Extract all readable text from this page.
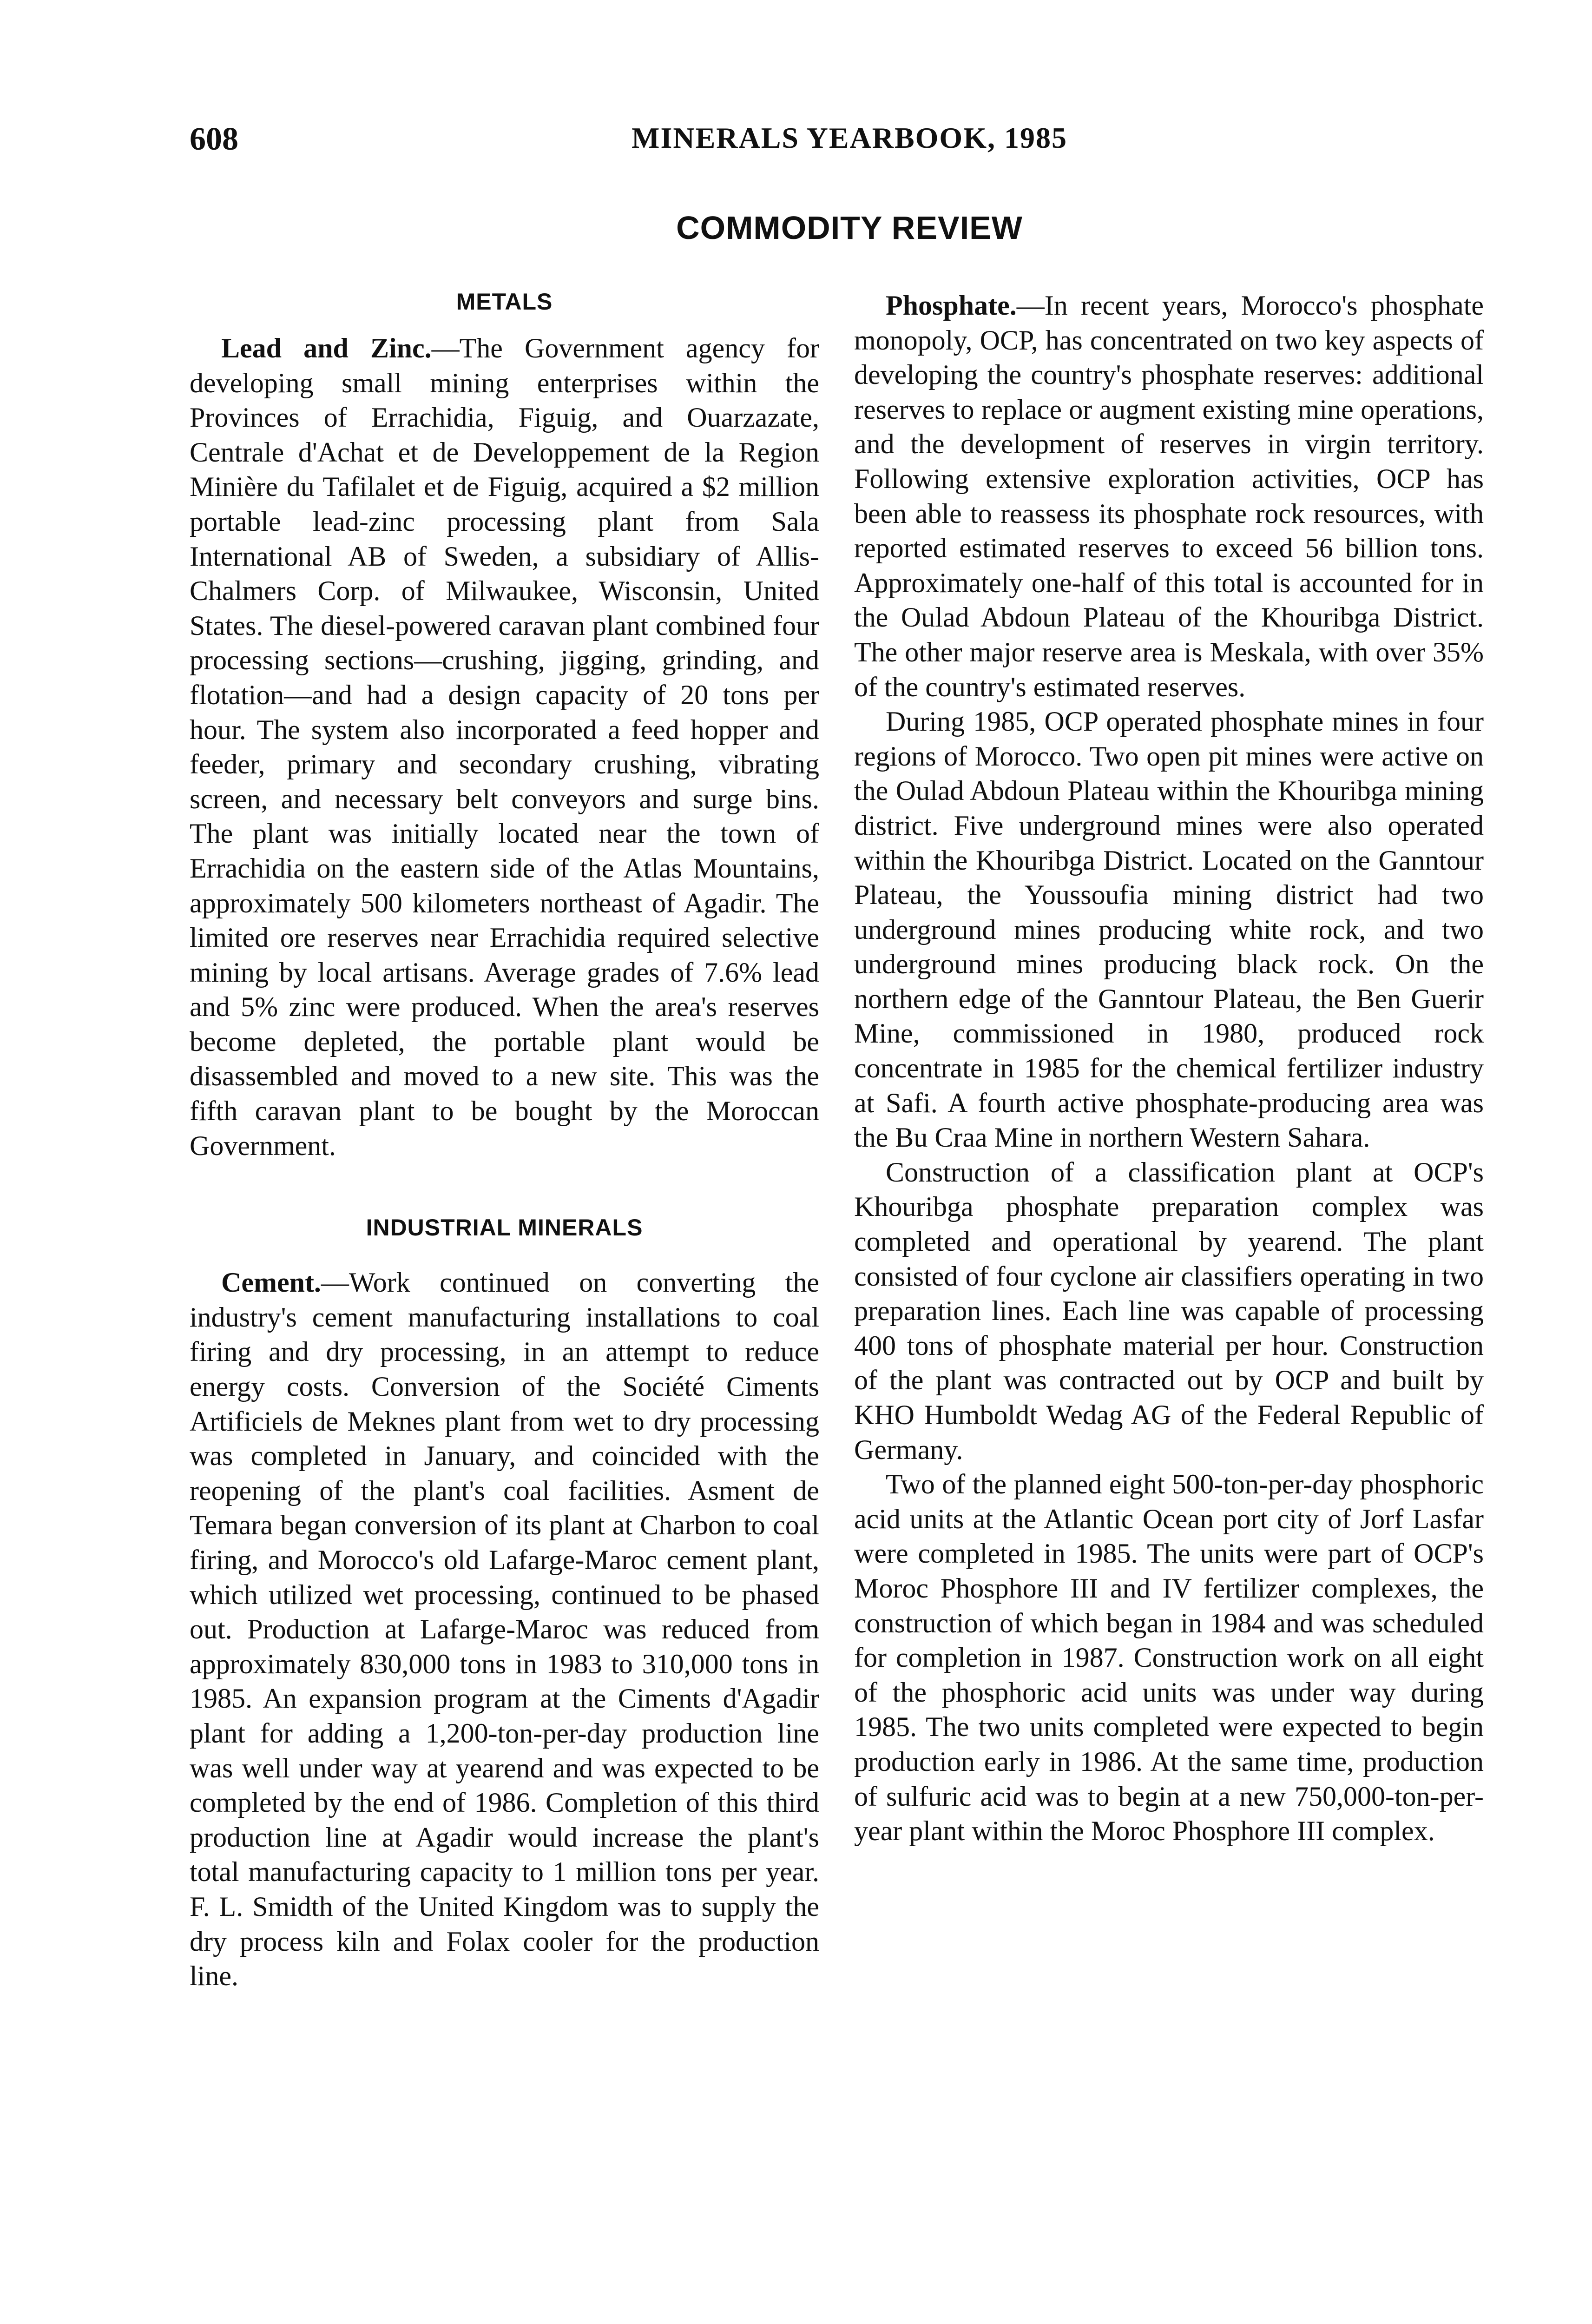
608	MINERALS YEARBOOK, 1985
COMMODITY REVIEW
METALS

Lead and Zinc.—The Government agency for developing small mining enterprises within the Provinces of Errachidia, Figuig, and Ouarzazate, Centrale d'Achat et de Developpement de la Region Minière du Tafilalet et de Figuig, acquired a $2 million portable lead-zinc processing plant from Sala International AB of Sweden, a subsidiary of Allis-Chalmers Corp. of Milwaukee, Wisconsin, United States. The diesel-powered caravan plant combined four processing sections—crushing, jigging, grinding, and flotation—and had a design capacity of 20 tons per hour. The system also incorporated a feed hopper and feeder, primary and secondary crushing, vibrating screen, and necessary belt conveyors and surge bins. The plant was initially located near the town of Errachidia on the eastern side of the Atlas Mountains, approximately 500 kilometers northeast of Agadir. The limited ore reserves near Errachidia required selective mining by local artisans. Average grades of 7.6% lead and 5% zinc were produced. When the area's reserves become depleted, the portable plant would be disassembled and moved to a new site. This was the fifth caravan plant to be bought by the Moroccan Government.

INDUSTRIAL MINERALS

Cement.—Work continued on converting the industry's cement manufacturing installations to coal firing and dry processing, in an attempt to reduce energy costs. Conversion of the Société Ciments Artificiels de Meknes plant from wet to dry processing was completed in January, and coincided with the reopening of the plant's coal facilities. Asment de Temara began conversion of its plant at Charbon to coal firing, and Morocco's old Lafarge-Maroc cement plant, which utilized wet processing, continued to be phased out. Production at Lafarge-Maroc was reduced from approximately 830,000 tons in 1983 to 310,000 tons in 1985. An expansion program at the Ciments d'Agadir plant for adding a 1,200-ton-per-day production line was well under way at yearend and was expected to be completed by the end of 1986. Completion of this third production line at Agadir would increase the plant's total manufacturing capacity to 1 million tons per year. F. L. Smidth of the United Kingdom was to supply the dry process kiln and Folax cooler for the production line.

Phosphate.—In recent years, Morocco's phosphate monopoly, OCP, has concentrated on two key aspects of developing the country's phosphate reserves: additional reserves to replace or augment existing mine operations, and the development of reserves in virgin territory. Following extensive exploration activities, OCP has been able to reassess its phosphate rock resources, with reported estimated reserves to exceed 56 billion tons. Approximately one-half of this total is accounted for in the Oulad Abdoun Plateau of the Khouribga District. The other major reserve area is Meskala, with over 35% of the country's estimated reserves.

During 1985, OCP operated phosphate mines in four regions of Morocco. Two open pit mines were active on the Oulad Abdoun Plateau within the Khouribga mining district. Five underground mines were also operated within the Khouribga District. Located on the Ganntour Plateau, the Youssoufia mining district had two underground mines producing white rock, and two underground mines producing black rock. On the northern edge of the Ganntour Plateau, the Ben Guerir Mine, commissioned in 1980, produced rock concentrate in 1985 for the chemical fertilizer industry at Safi. A fourth active phosphate-producing area was the Bu Craa Mine in northern Western Sahara.

Construction of a classification plant at OCP's Khouribga phosphate preparation complex was completed and operational by yearend. The plant consisted of four cyclone air classifiers operating in two preparation lines. Each line was capable of processing 400 tons of phosphate material per hour. Construction of the plant was contracted out by OCP and built by KHO Humboldt Wedag AG of the Federal Republic of Germany.

Two of the planned eight 500-ton-per-day phosphoric acid units at the Atlantic Ocean port city of Jorf Lasfar were completed in 1985. The units were part of OCP's Moroc Phosphore III and IV fertilizer complexes, the construction of which began in 1984 and was scheduled for completion in 1987. Construction work on all eight of the phosphoric acid units was under way during 1985. The two units completed were expected to begin production early in 1986. At the same time, production of sulfuric acid was to begin at a new 750,000-ton-per-year plant within the Moroc Phosphore III complex.
